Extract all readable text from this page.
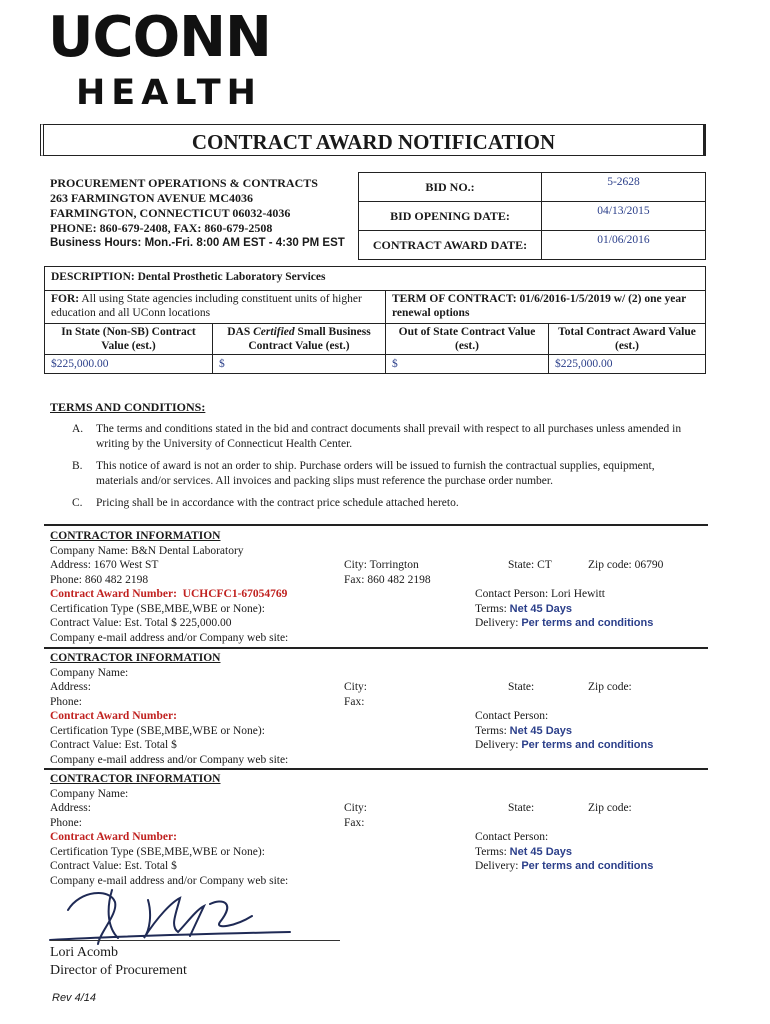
UCONN
HEALTH
CONTRACT AWARD NOTIFICATION
PROCUREMENT OPERATIONS & CONTRACTS
263 FARMINGTON AVENUE MC4036
FARMINGTON, CONNECTICUT 06032-4036
PHONE: 860-679-2408, FAX: 860-679-2508
Business Hours: Mon.-Fri. 8:00 AM EST - 4:30 PM EST
BID NO.:	5-2628
BID OPENING DATE:	04/13/2015
CONTRACT AWARD DATE:	01/06/2016
DESCRIPTION: Dental Prosthetic Laboratory Services			
FOR: All using State agencies including constituent units of higher education and all UConn locations		TERM OF CONTRACT: 01/6/2016-1/5/2019 w/ (2) one year renewal options	
In State (Non-SB) Contract Value (est.)	DAS Certified Small Business Contract Value (est.)	Out of State Contract Value (est.)	Total Contract Award Value (est.)
$225,000.00	$	$	$225,000.00
TERMS AND CONDITIONS:
A. The terms and conditions stated in the bid and contract documents shall prevail with respect to all purchases unless amended in writing by the University of Connecticut Health Center.
B. This notice of award is not an order to ship. Purchase orders will be issued to furnish the contractual supplies, equipment, materials and/or services. All invoices and packing slips must reference the purchase order number.
C. Pricing shall be in accordance with the contract price schedule attached hereto.
CONTRACTOR INFORMATION
Company Name: B&N Dental Laboratory
Address: 1670 West ST	City: Torrington	State: CT	Zip code: 06790
Phone: 860 482 2198	Fax: 860 482 2198
Contract Award Number: UCHCFC1-67054769	Contact Person: Lori Hewitt
Certification Type (SBE,MBE,WBE or None):	Terms: Net 45 Days
Contract Value: Est. Total $ 225,000.00	Delivery: Per terms and conditions
Company e-mail address and/or Company web site:
CONTRACTOR INFORMATION
Company Name:
Address:	City:	State:	Zip code:
Phone:	Fax:
Contract Award Number:	Contact Person:
Certification Type (SBE,MBE,WBE or None):	Terms: Net 45 Days
Contract Value: Est. Total $	Delivery: Per terms and conditions
Company e-mail address and/or Company web site:
CONTRACTOR INFORMATION
Company Name:
Address:	City:	State:	Zip code:
Phone:	Fax:
Contract Award Number:	Contact Person:
Certification Type (SBE,MBE,WBE or None):	Terms: Net 45 Days
Contract Value: Est. Total $	Delivery: Per terms and conditions
Company e-mail address and/or Company web site:
Lori Acomb
Director of Procurement
Rev 4/14
